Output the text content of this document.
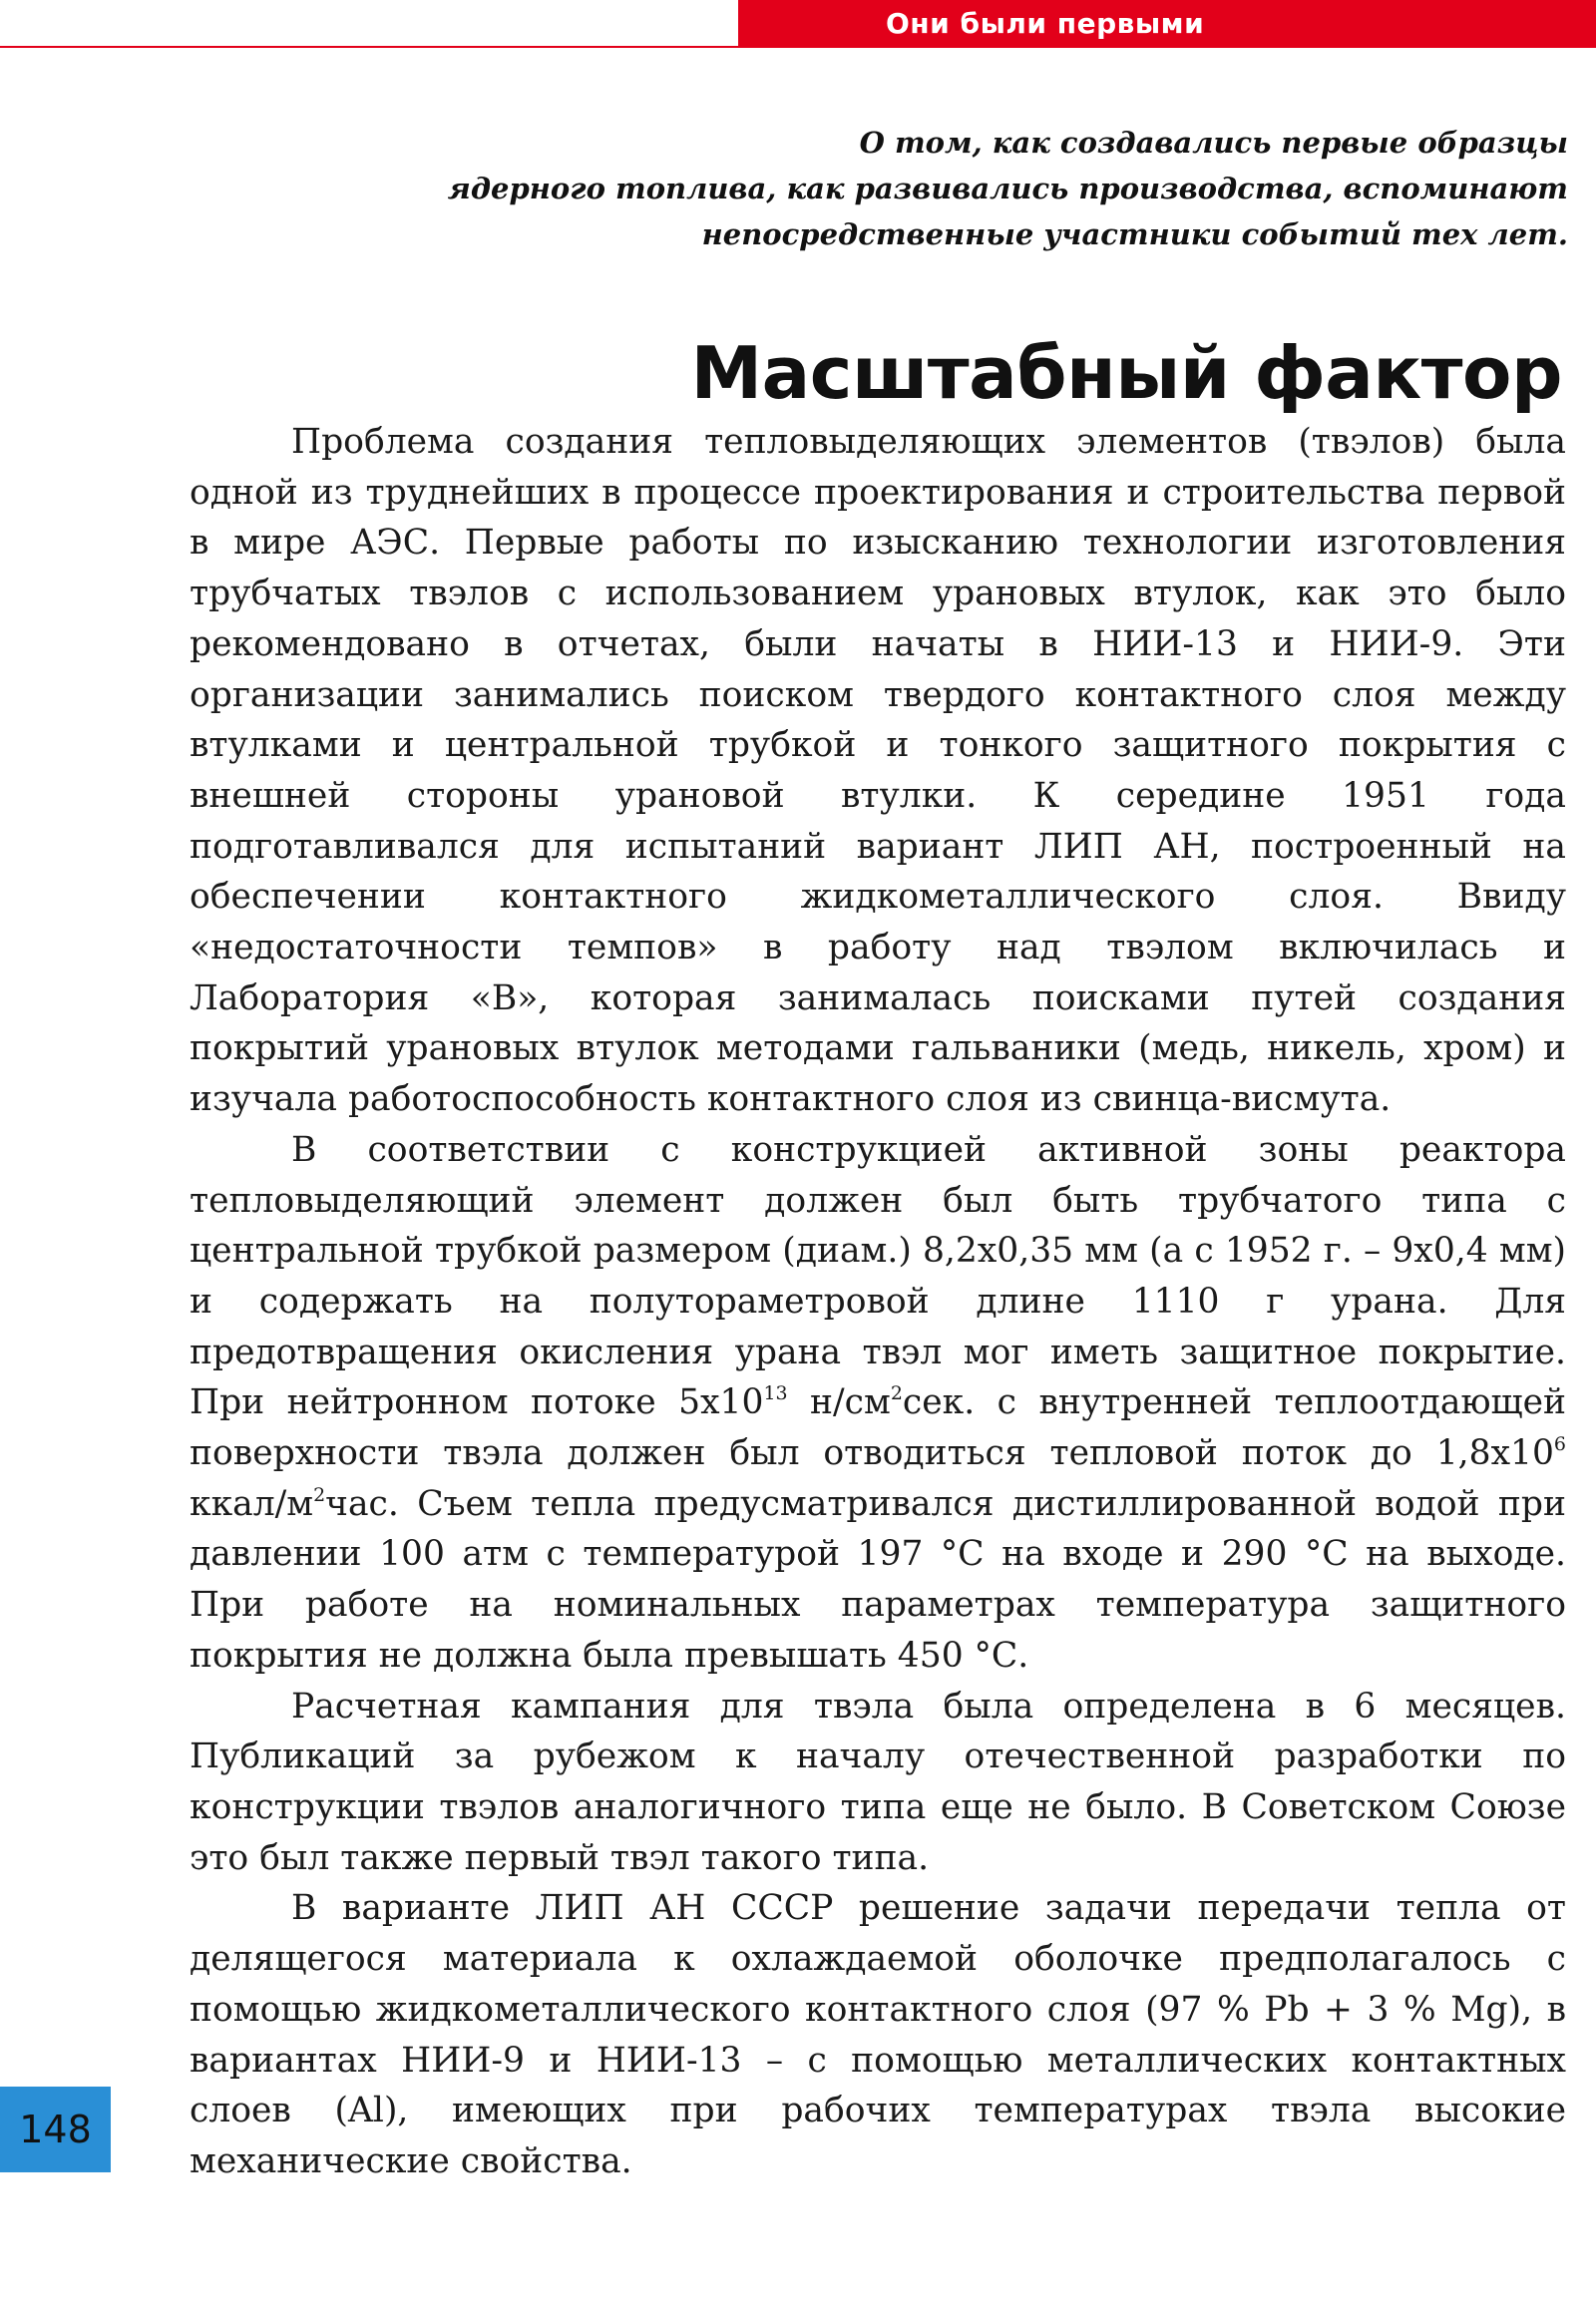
Они были первыми
О том, как создавались первые образцы
ядерного топлива, как развивались производства, вспоминают
непосредственные участники событий тех лет.
Масштабный фактор

Проблема создания тепловыделяющих элементов (твэлов) была одной из труднейших в процессе проектирования и строительства первой в мире АЭС. Первые работы по изысканию технологии изготовления трубчатых твэлов с использованием урановых втулок, как это было рекомендовано в отчетах, были начаты в НИИ-13 и НИИ-9. Эти организации занимались поиском твердого контактного слоя между втулками и центральной трубкой и тонкого защитного покрытия с внешней стороны урановой втулки. К середине 1951 года подготавливался для испытаний вариант ЛИП АН, построенный на обеспечении контактного жидкометаллического слоя. Ввиду «недостаточности темпов» в работу над твэлом включилась и Лаборатория «В», которая занималась поисками путей создания покрытий урановых втулок методами гальваники (медь, никель, хром) и изучала работоспособность контактного слоя из свинца-висмута.

В соответствии с конструкцией активной зоны реактора тепловыделяющий элемент должен был быть трубчатого типа с центральной трубкой размером (диам.) 8,2х0,35 мм (а с 1952 г. – 9х0,4 мм) и содержать на полутораметровой длине 1110 г урана. Для предотвращения окисления урана твэл мог иметь защитное покрытие. При нейтронном потоке $5х10^{13}$ $н/см^2сек$. с внутренней теплоотдающей поверхности твэла должен был отводиться тепловой поток до $1,8х10^6$ ккал/$м^2час$. Съем тепла предусматривался дистиллированной водой при давлении 100 атм с температурой 197 °С на входе и 290 °С на выходе. При работе на номинальных параметрах температура защитного покрытия не должна была превышать 450 °С.

Расчетная кампания для твэла была определена в 6 месяцев. Публикаций за рубежом к началу отечественной разработки по конструкции твэлов аналогичного типа еще не было. В Советском Союзе это был также первый твэл такого типа.

В варианте ЛИП АН СССР решение задачи передачи тепла от делящегося материала к охлаждаемой оболочке предполагалось с помощью жидкометаллического контактного слоя (97 % Pb + 3 % Mg), в вариантах НИИ-9 и НИИ-13 – с помощью металлических контактных слоев (Al), имеющих при рабочих температурах твэла высокие механические свойства.

148
